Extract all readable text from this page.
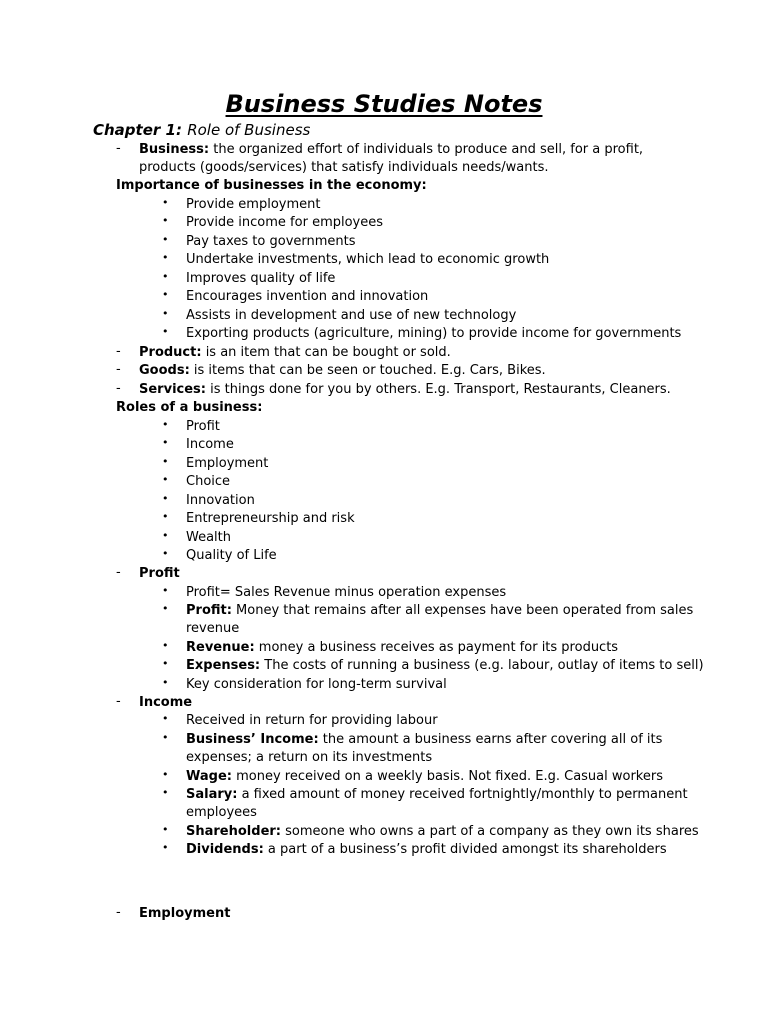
Business Studies Notes
Chapter 1: Role of Business
- Business: the organized effort of individuals to produce and sell, for a profit,
products (goods/services) that satisfy individuals needs/wants.
Importance of businesses in the economy:
• Provide employment
• Provide income for employees
• Pay taxes to governments
• Undertake investments, which lead to economic growth
• Improves quality of life
• Encourages invention and innovation
• Assists in development and use of new technology
• Exporting products (agriculture, mining) to provide income for governments
- Product: is an item that can be bought or sold.
- Goods: is items that can be seen or touched. E.g. Cars, Bikes.
- Services: is things done for you by others. E.g. Transport, Restaurants, Cleaners.
Roles of a business:
• Profit
• Income
• Employment
• Choice
• Innovation
• Entrepreneurship and risk
• Wealth
• Quality of Life
- Profit
• Profit= Sales Revenue minus operation expenses
• Profit: Money that remains after all expenses have been operated from sales
revenue
• Revenue: money a business receives as payment for its products
• Expenses: The costs of running a business (e.g. labour, outlay of items to sell)
• Key consideration for long-term survival
- Income
• Received in return for providing labour
• Business’ Income: the amount a business earns after covering all of its
expenses; a return on its investments
• Wage: money received on a weekly basis. Not fixed. E.g. Casual workers
• Salary: a fixed amount of money received fortnightly/monthly to permanent
employees
• Shareholder: someone who owns a part of a company as they own its shares
• Dividends: a part of a business’s profit divided amongst its shareholders
- Employment
